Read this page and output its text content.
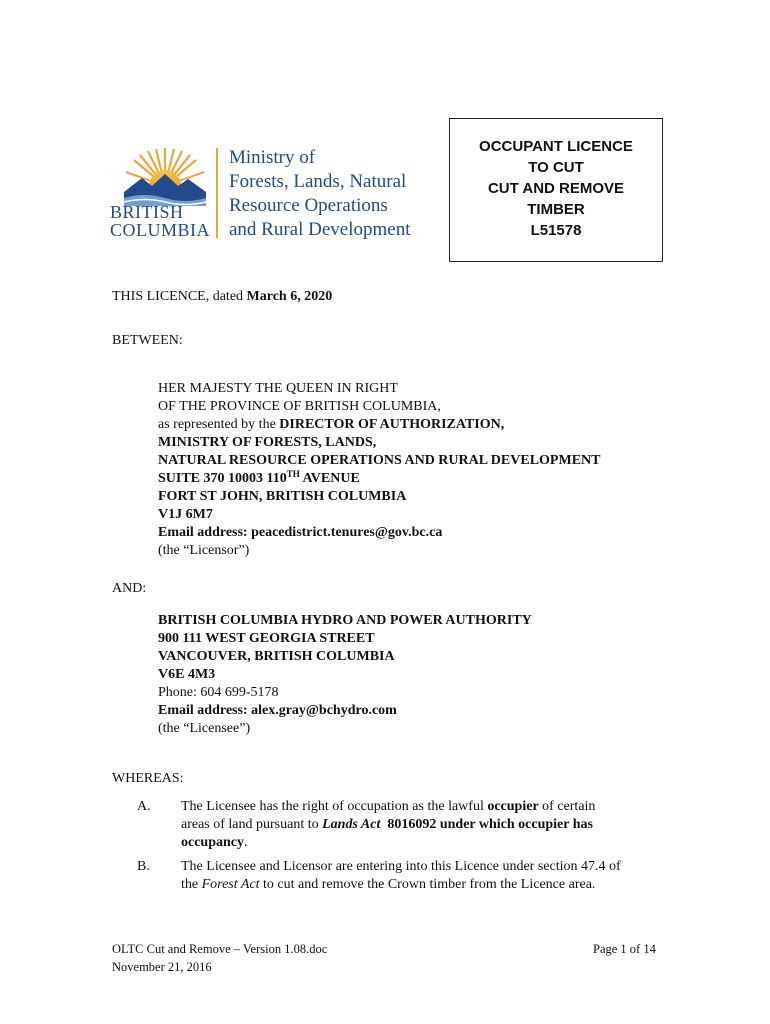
BRITISH
COLUMBIA
Ministry of
Forests, Lands, Natural
Resource Operations
and Rural Development
OCCUPANT LICENCE
TO CUT
CUT AND REMOVE
TIMBER
L51578
THIS LICENCE, dated March 6, 2020
BETWEEN:
HER MAJESTY THE QUEEN IN RIGHT
OF THE PROVINCE OF BRITISH COLUMBIA,
as represented by the DIRECTOR OF AUTHORIZATION,
MINISTRY OF FORESTS, LANDS,
NATURAL RESOURCE OPERATIONS AND RURAL DEVELOPMENT
SUITE 370 10003 110TH AVENUE
FORT ST JOHN, BRITISH COLUMBIA
V1J 6M7
Email address: peacedistrict.tenures@gov.bc.ca
(the “Licensor”)
AND:
BRITISH COLUMBIA HYDRO AND POWER AUTHORITY
900 111 WEST GEORGIA STREET
VANCOUVER, BRITISH COLUMBIA
V6E 4M3
Phone: 604 699-5178
Email address: alex.gray@bchydro.com
(the “Licensee”)
WHEREAS:
A. The Licensee has the right of occupation as the lawful occupier of certain
areas of land pursuant to Lands Act  8016092 under which occupier has
occupancy.
B. The Licensee and Licensor are entering into this Licence under section 47.4 of
the Forest Act to cut and remove the Crown timber from the Licence area.
OLTC Cut and Remove – Version 1.08.doc
November 21, 2016
Page 1 of 14
